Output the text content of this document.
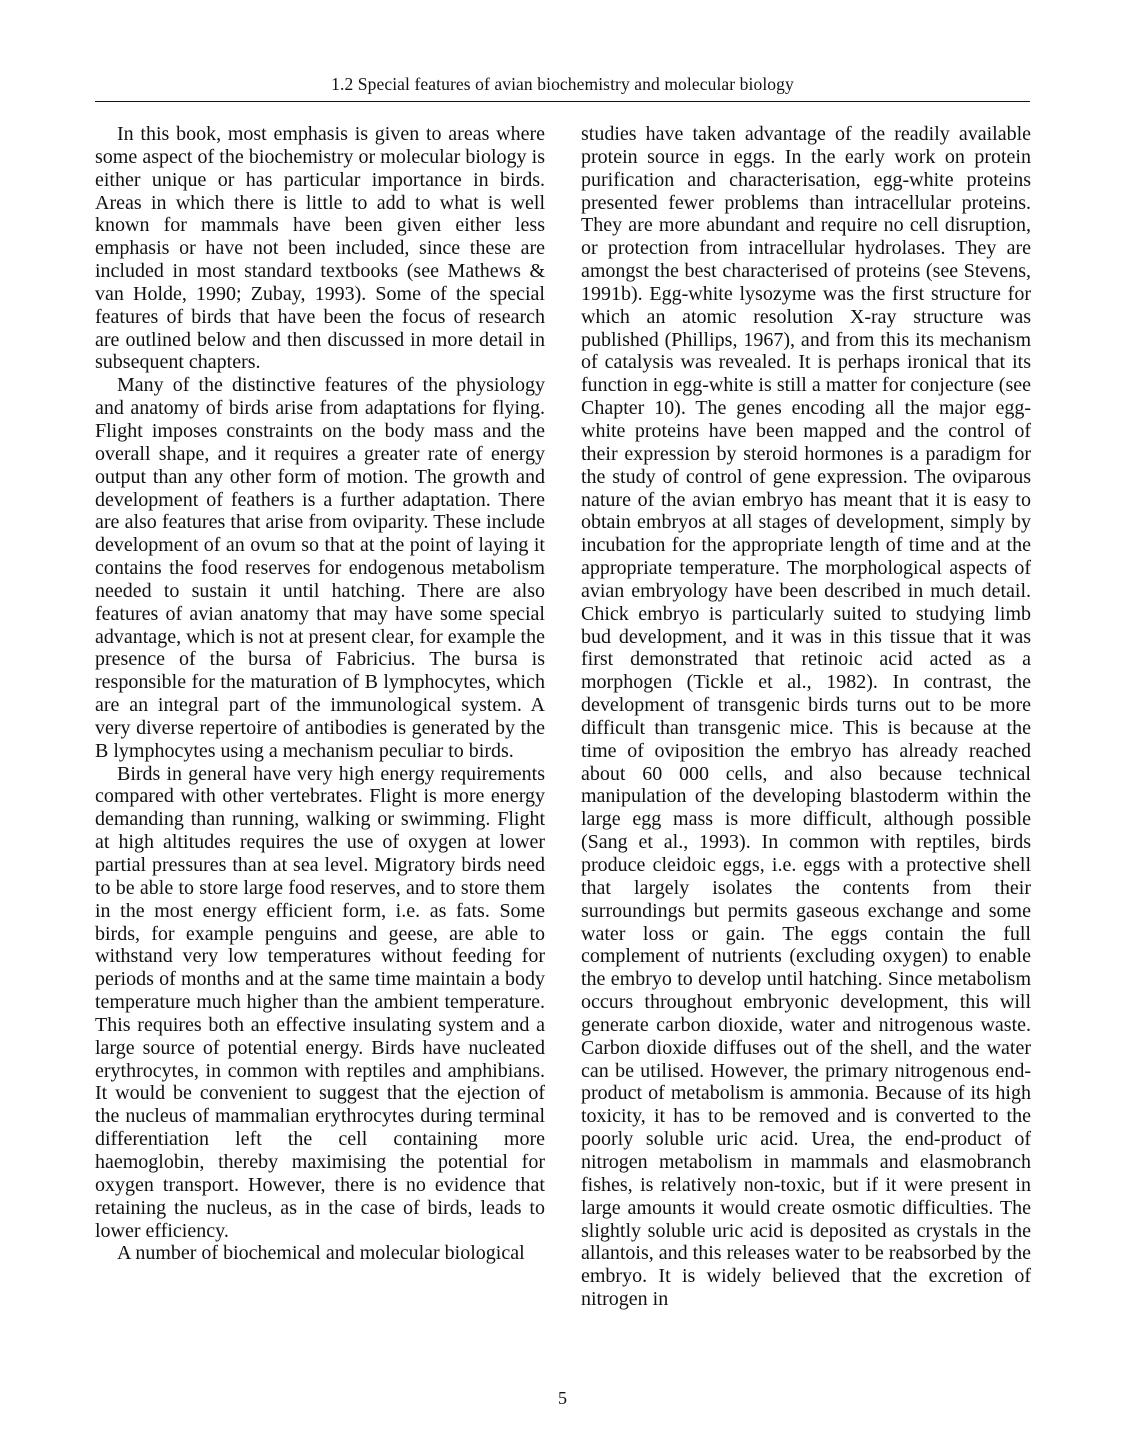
1.2 Special features of avian biochemistry and molecular biology

In this book, most emphasis is given to areas where some aspect of the biochemistry or molecular biology is either unique or has particular importance in birds. Areas in which there is little to add to what is well known for mammals have been given either less emphasis or have not been included, since these are included in most standard textbooks (see Mathews & van Holde, 1990; Zubay, 1993). Some of the special features of birds that have been the focus of research are outlined below and then discussed in more detail in subsequent chapters.

Many of the distinctive features of the physiology and anatomy of birds arise from adaptations for flying. Flight imposes constraints on the body mass and the overall shape, and it requires a greater rate of energy output than any other form of motion. The growth and development of feathers is a further adaptation. There are also features that arise from oviparity. These include development of an ovum so that at the point of laying it contains the food reserves for endogenous metabolism needed to sustain it until hatching. There are also features of avian anatomy that may have some special advantage, which is not at present clear, for example the presence of the bursa of Fabricius. The bursa is responsible for the maturation of B lymphocytes, which are an integral part of the immunological system. A very diverse repertoire of antibodies is generated by the B lymphocytes using a mechanism peculiar to birds.

Birds in general have very high energy requirements compared with other vertebrates. Flight is more energy demanding than running, walking or swimming. Flight at high altitudes requires the use of oxygen at lower partial pressures than at sea level. Migratory birds need to be able to store large food reserves, and to store them in the most energy efficient form, i.e. as fats. Some birds, for example penguins and geese, are able to withstand very low temperatures without feeding for periods of months and at the same time maintain a body temperature much higher than the ambient temperature. This requires both an effective insulating system and a large source of potential energy. Birds have nucleated erythrocytes, in common with reptiles and amphibians. It would be convenient to suggest that the ejection of the nucleus of mammalian erythrocytes during terminal differentiation left the cell containing more haemoglobin, thereby maximising the potential for oxygen transport. However, there is no evidence that retaining the nucleus, as in the case of birds, leads to lower efficiency.

A number of biochemical and molecular biological

studies have taken advantage of the readily available protein source in eggs. In the early work on protein purification and characterisation, egg-white proteins presented fewer problems than intracellular proteins. They are more abundant and require no cell disruption, or protection from intracellular hydrolases. They are amongst the best characterised of proteins (see Stevens, 1991b). Egg-white lysozyme was the first structure for which an atomic resolution X-ray structure was published (Phillips, 1967), and from this its mechanism of catalysis was revealed. It is perhaps ironical that its function in egg-white is still a matter for conjecture (see Chapter 10). The genes encoding all the major egg-white proteins have been mapped and the control of their expression by steroid hormones is a paradigm for the study of control of gene expression. The oviparous nature of the avian embryo has meant that it is easy to obtain embryos at all stages of development, simply by incubation for the appropriate length of time and at the appropriate temperature. The morphological aspects of avian embryology have been described in much detail. Chick embryo is particularly suited to studying limb bud development, and it was in this tissue that it was first demonstrated that retinoic acid acted as a morphogen (Tickle et al., 1982). In contrast, the development of transgenic birds turns out to be more difficult than transgenic mice. This is because at the time of oviposition the embryo has already reached about 60 000 cells, and also because technical manipulation of the developing blastoderm within the large egg mass is more difficult, although possible (Sang et al., 1993). In common with reptiles, birds produce cleidoic eggs, i.e. eggs with a protective shell that largely isolates the contents from their surroundings but permits gaseous exchange and some water loss or gain. The eggs contain the full complement of nutrients (excluding oxygen) to enable the embryo to develop until hatching. Since metabolism occurs throughout embryonic development, this will generate carbon dioxide, water and nitrogenous waste. Carbon dioxide diffuses out of the shell, and the water can be utilised. However, the primary nitrogenous end-product of metabolism is ammonia. Because of its high toxicity, it has to be removed and is converted to the poorly soluble uric acid. Urea, the end-product of nitrogen metabolism in mammals and elasmobranch fishes, is relatively non-toxic, but if it were present in large amounts it would create osmotic difficulties. The slightly soluble uric acid is deposited as crystals in the allantois, and this releases water to be reabsorbed by the embryo. It is widely believed that the excretion of nitrogen in

5
